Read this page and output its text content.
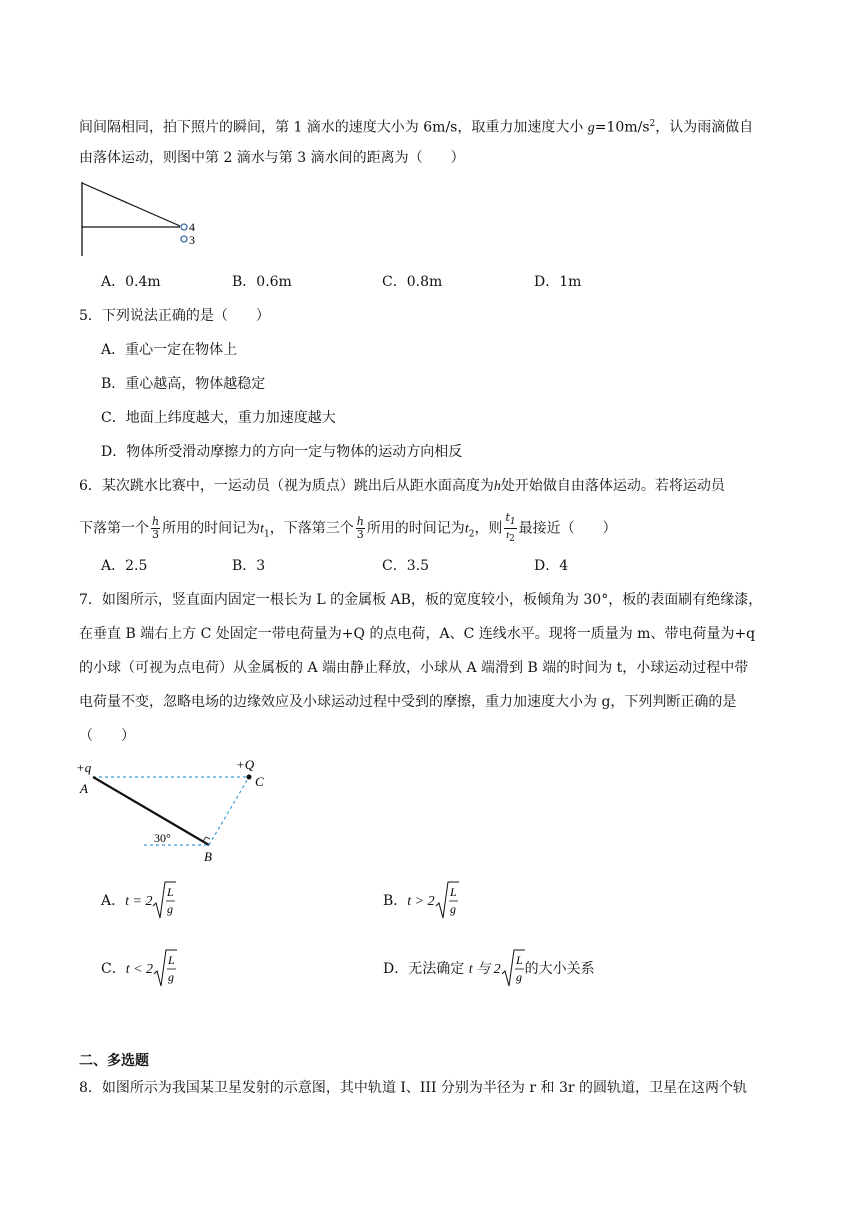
间间隔相同，拍下照片的瞬间，第 1 滴水的速度大小为 6m/s，取重力加速度大小 $g=10m/s^2$，认为雨滴做自
由落体运动，则图中第 2 滴水与第 3 滴水间的距离为（　　）
4
3
A．0.4m	B．0.6m	C．0.8m	D．1m
5．下列说法正确的是（　　）
A．重心一定在物体上
B．重心越高，物体越稳定
C．地面上纬度越大，重力加速度越大
D．物体所受滑动摩擦力的方向一定与物体的运动方向相反
6．某次跳水比赛中，一运动员（视为质点）跳出后从距水面高度为h处开始做自由落体运动。若将运动员
下落第一个 $\frac{h}{3}$ 所用的时间记为$t_1$，下落第三个 $\frac{h}{3}$ 所用的时间记为$t_2$，则 $\frac{t_1}{t_2}$ 最接近（　　）
A．2.5	B．3	C．3.5	D．4
7．如图所示，竖直面内固定一根长为 L 的金属板 AB，板的宽度较小，板倾角为 30°，板的表面刷有绝缘漆，
在垂直 B 端右上方 C 处固定一带电荷量为+Q 的点电荷，A、C 连线水平。现将一质量为 m、带电荷量为+q
的小球（可视为点电荷）从金属板的 A 端由静止释放，小球从 A 端滑到 B 端的时间为 t，小球运动过程中带
电荷量不变，忽略电场的边缘效应及小球运动过程中受到的摩擦，重力加速度大小为 g，下列判断正确的是
（　　）
+q
A
+Q
C
30°
B
A．t = 2
L
g	B．t > 2
L
g
C．t < 2
L
g	D．无法确定 t 与 2
L
g 的大小关系
二、多选题
8．如图所示为我国某卫星发射的示意图，其中轨道 I、III 分别为半径为 r 和 3r 的圆轨道，卫星在这两个轨
